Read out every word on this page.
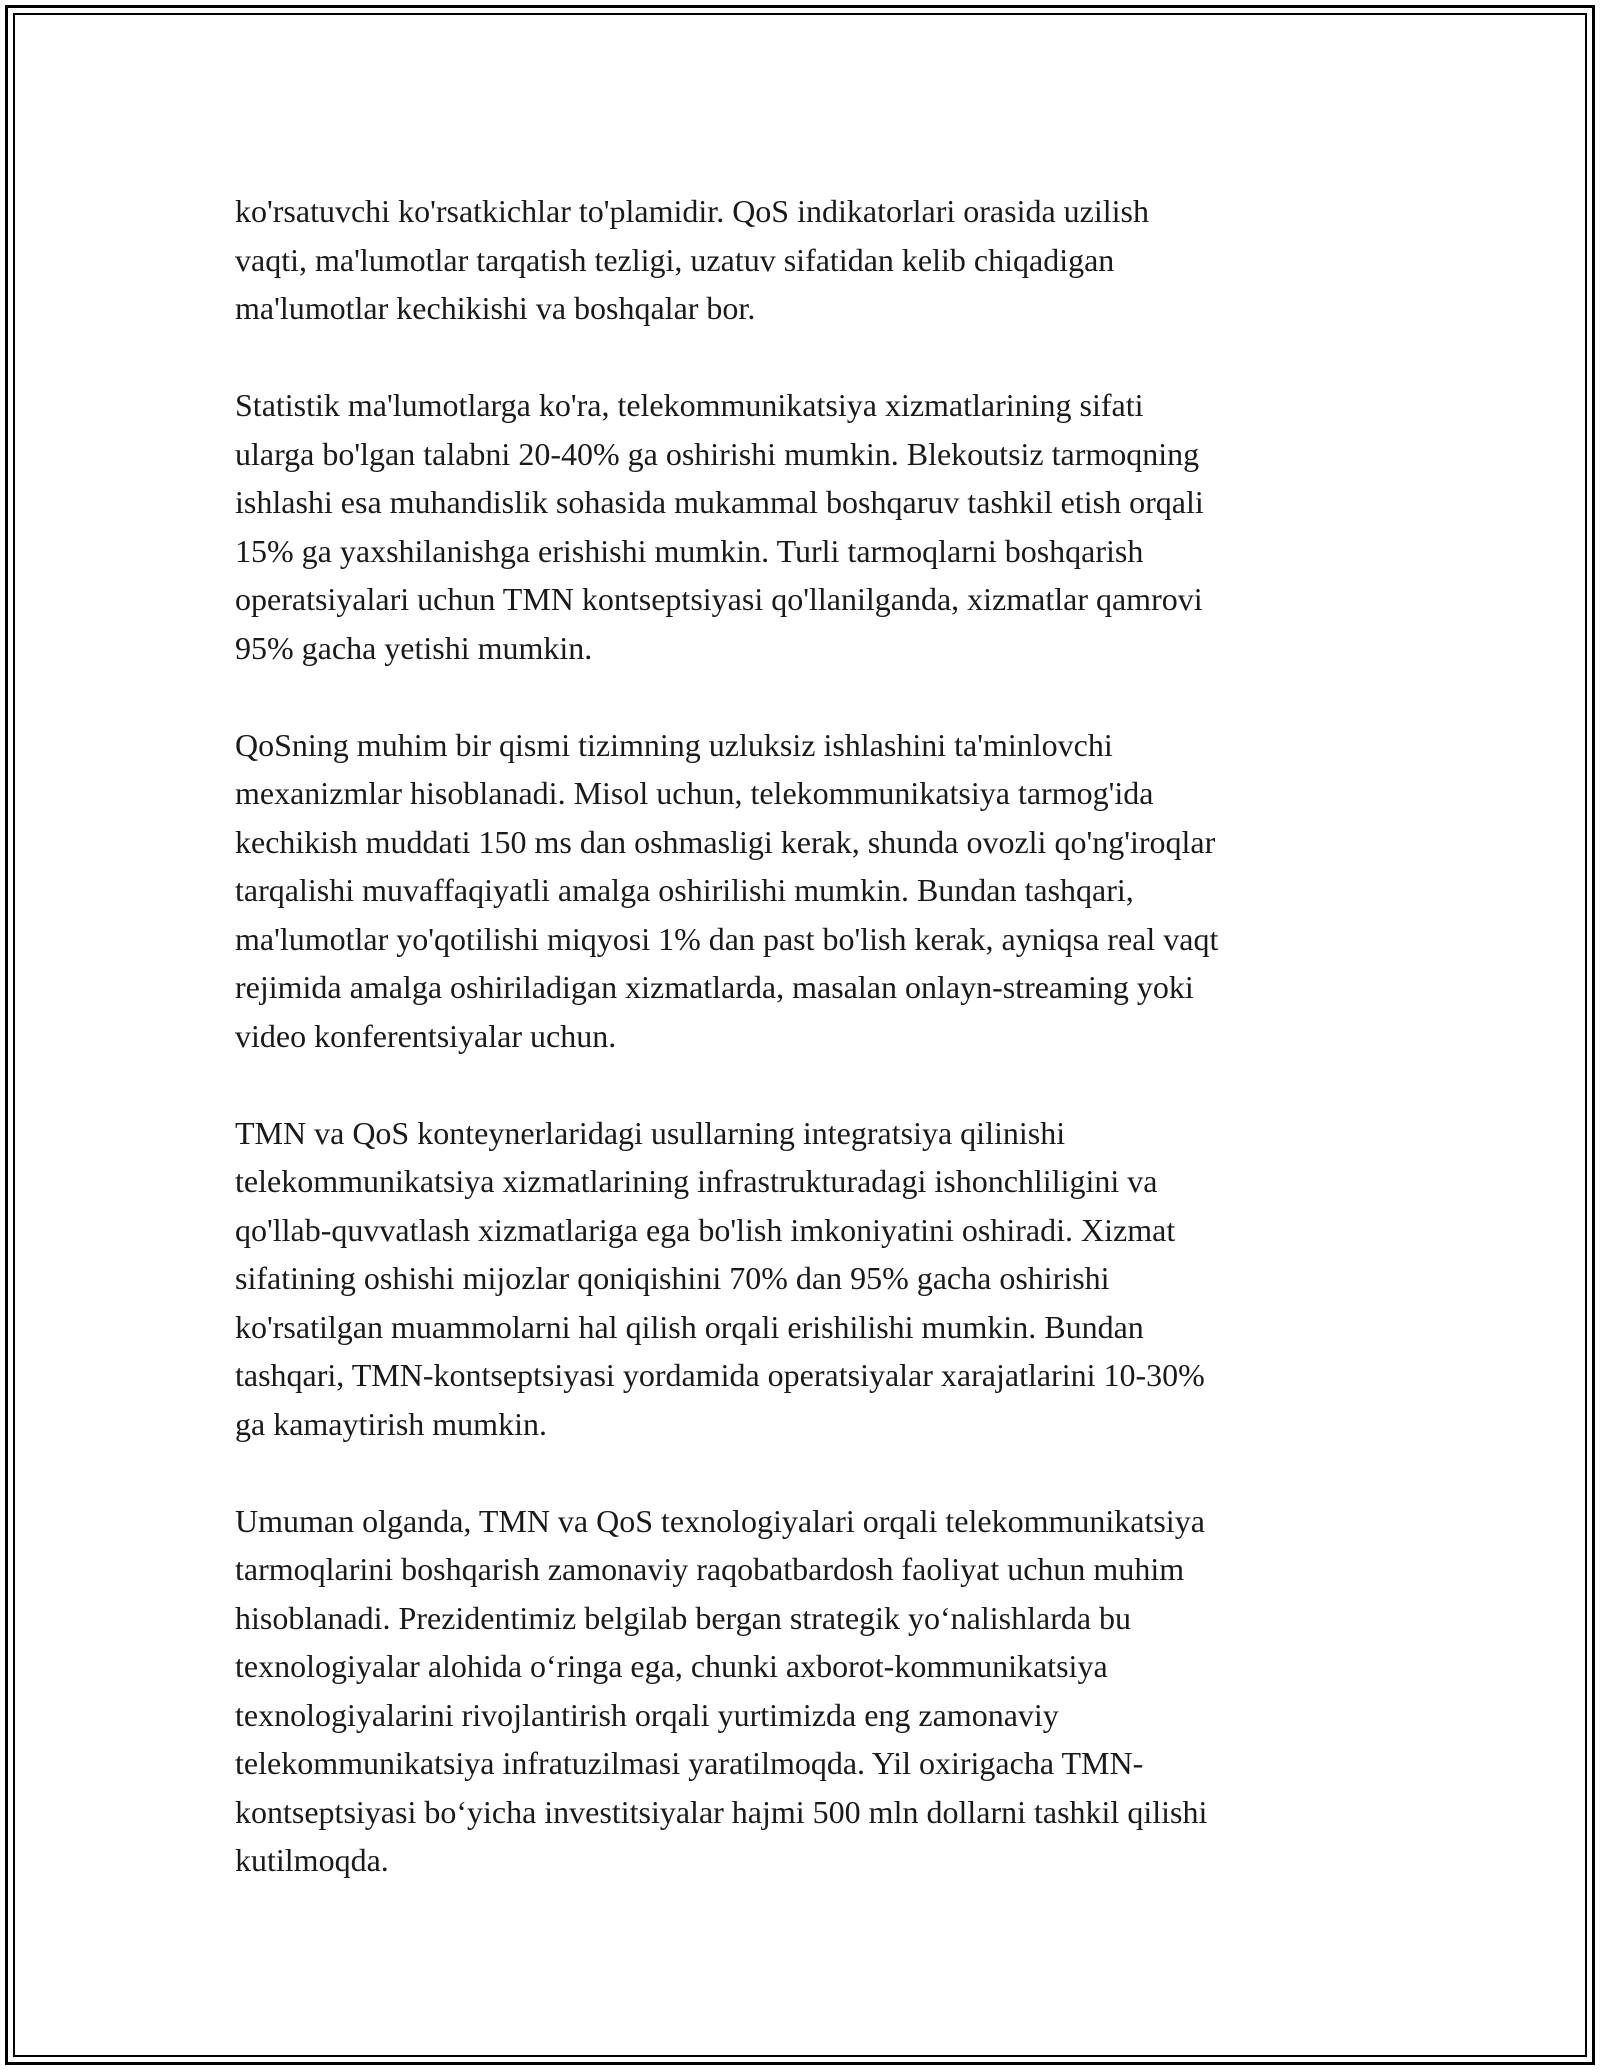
ko'rsatuvchi ko'rsatkichlar to'plamidir. QoS indikatorlari orasida uzilish
vaqti, ma'lumotlar tarqatish tezligi, uzatuv sifatidan kelib chiqadigan
ma'lumotlar kechikishi va boshqalar bor.

Statistik ma'lumotlarga ko'ra, telekommunikatsiya xizmatlarining sifati
ularga bo'lgan talabni 20-40% ga oshirishi mumkin. Blekoutsiz tarmoqning
ishlashi esa muhandislik sohasida mukammal boshqaruv tashkil etish orqali
15% ga yaxshilanishga erishishi mumkin. Turli tarmoqlarni boshqarish
operatsiyalari uchun TMN kontseptsiyasi qo'llanilganda, xizmatlar qamrovi
95% gacha yetishi mumkin.

QoSning muhim bir qismi tizimning uzluksiz ishlashini ta'minlovchi
mexanizmlar hisoblanadi. Misol uchun, telekommunikatsiya tarmog'ida
kechikish muddati 150 ms dan oshmasligi kerak, shunda ovozli qo'ng'iroqlar
tarqalishi muvaffaqiyatli amalga oshirilishi mumkin. Bundan tashqari,
ma'lumotlar yo'qotilishi miqyosi 1% dan past bo'lish kerak, ayniqsa real vaqt
rejimida amalga oshiriladigan xizmatlarda, masalan onlayn-streaming yoki
video konferentsiyalar uchun.

TMN va QoS konteynerlaridagi usullarning integratsiya qilinishi
telekommunikatsiya xizmatlarining infrastrukturadagi ishonchliligini va
qo'llab-quvvatlash xizmatlariga ega bo'lish imkoniyatini oshiradi. Xizmat
sifatining oshishi mijozlar qoniqishini 70% dan 95% gacha oshirishi
ko'rsatilgan muammolarni hal qilish orqali erishilishi mumkin. Bundan
tashqari, TMN-kontseptsiyasi yordamida operatsiyalar xarajatlarini 10-30%
ga kamaytirish mumkin.

Umuman olganda, TMN va QoS texnologiyalari orqali telekommunikatsiya
tarmoqlarini boshqarish zamonaviy raqobatbardosh faoliyat uchun muhim
hisoblanadi. Prezidentimiz belgilab bergan strategik yo‘nalishlarda bu
texnologiyalar alohida o‘ringa ega, chunki axborot-kommunikatsiya
texnologiyalarini rivojlantirish orqali yurtimizda eng zamonaviy
telekommunikatsiya infratuzilmasi yaratilmoqda. Yil oxirigacha TMN-
kontseptsiyasi bo‘yicha investitsiyalar hajmi 500 mln dollarni tashkil qilishi
kutilmoqda.
